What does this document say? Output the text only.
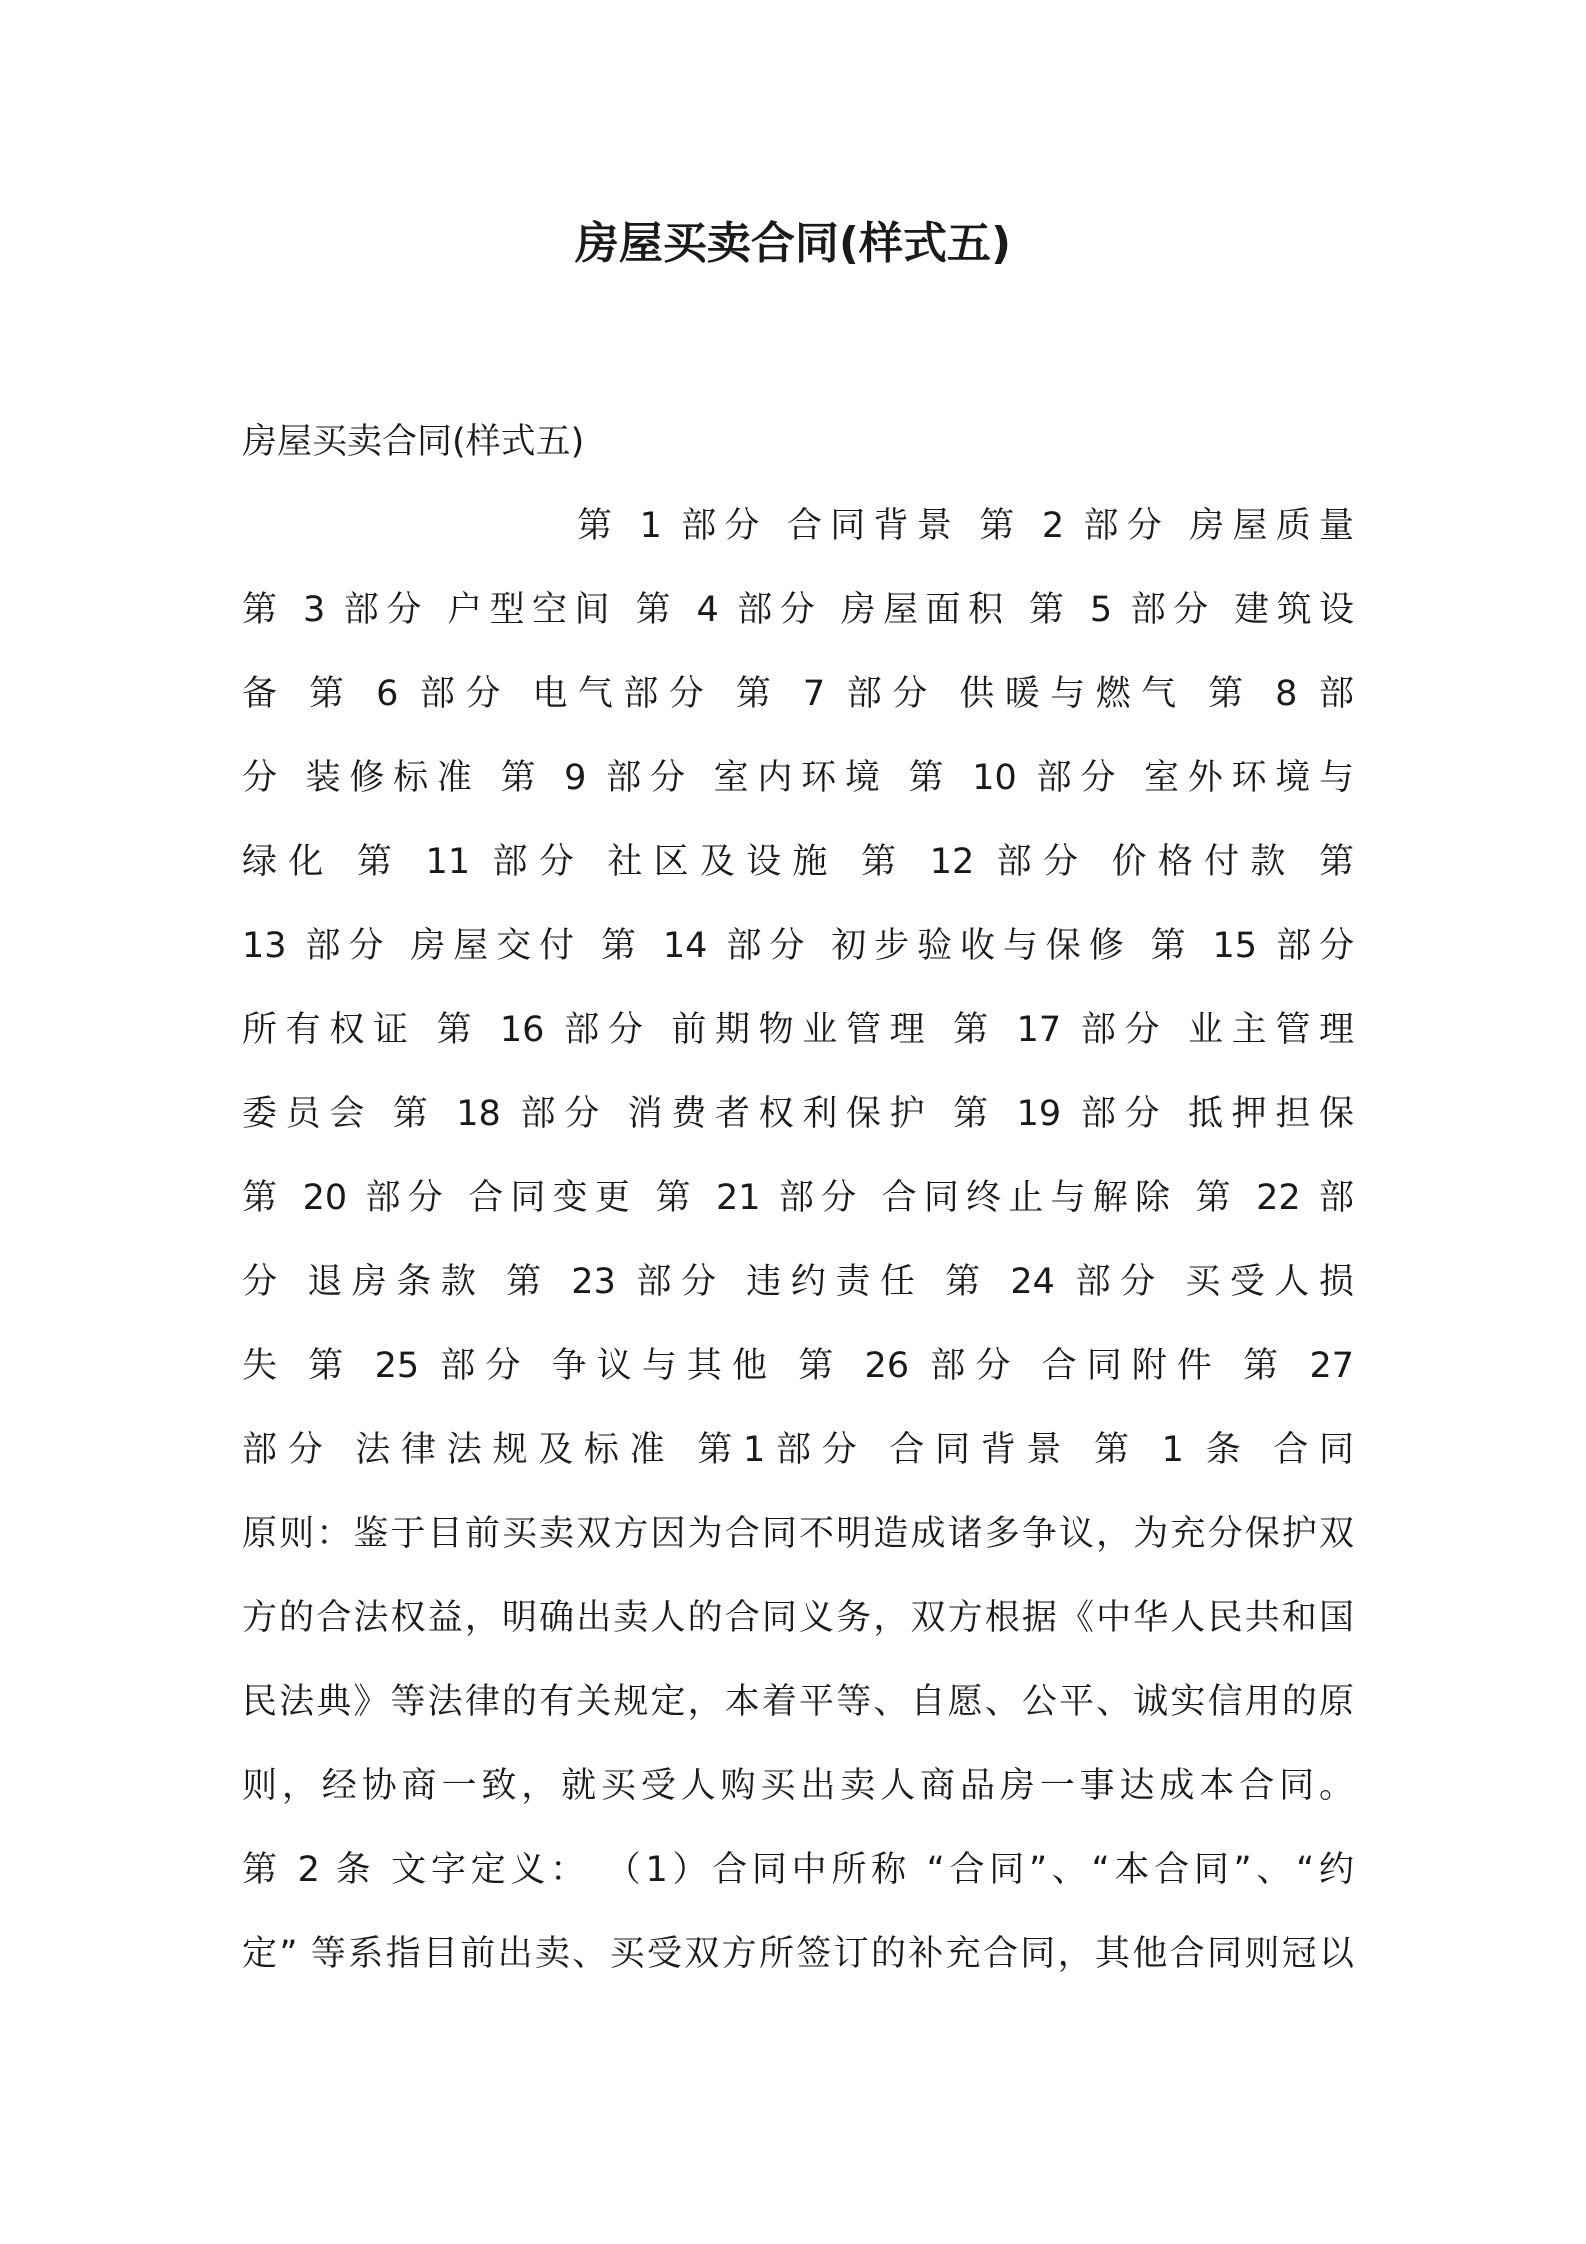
房屋买卖合同(样式五)

房屋买卖合同(样式五)

第 1 部分 合同背景 第 2 部分 房屋质量

第 3 部分 户型空间 第 4 部分 房屋面积 第 5 部分 建筑设

备 第 6 部分 电气部分 第 7 部分 供暖与燃气 第 8 部

分 装修标准 第 9 部分 室内环境 第 10 部分 室外环境与

绿化 第 11 部分 社区及设施 第 12 部分 价格付款 第

13 部分 房屋交付 第 14 部分 初步验收与保修 第 15 部分

所有权证 第 16 部分 前期物业管理 第 17 部分 业主管理

委员会 第 18 部分 消费者权利保护 第 19 部分 抵押担保

第 20 部分 合同变更 第 21 部分 合同终止与解除 第 22 部

分 退房条款 第 23 部分 违约责任 第 24 部分 买受人损

失 第 25 部分 争议与其他 第 26 部分 合同附件 第 27

部分 法律法规及标准 第1部分 合同背景 第 1 条 合同

原则：鉴于目前买卖双方因为合同不明造成诸多争议，为充分保护双

方的合法权益，明确出卖人的合同义务，双方根据《中华人民共和国

民法典》等法律的有关规定，本着平等、自愿、公平、诚实信用的原

则，经协商一致，就买受人购买出卖人商品房一事达成本合同。

第 2 条 文字定义： （1）合同中所称 “合同”、“本合同”、“约

定” 等系指目前出卖、买受双方所签订的补充合同，其他合同则冠以
